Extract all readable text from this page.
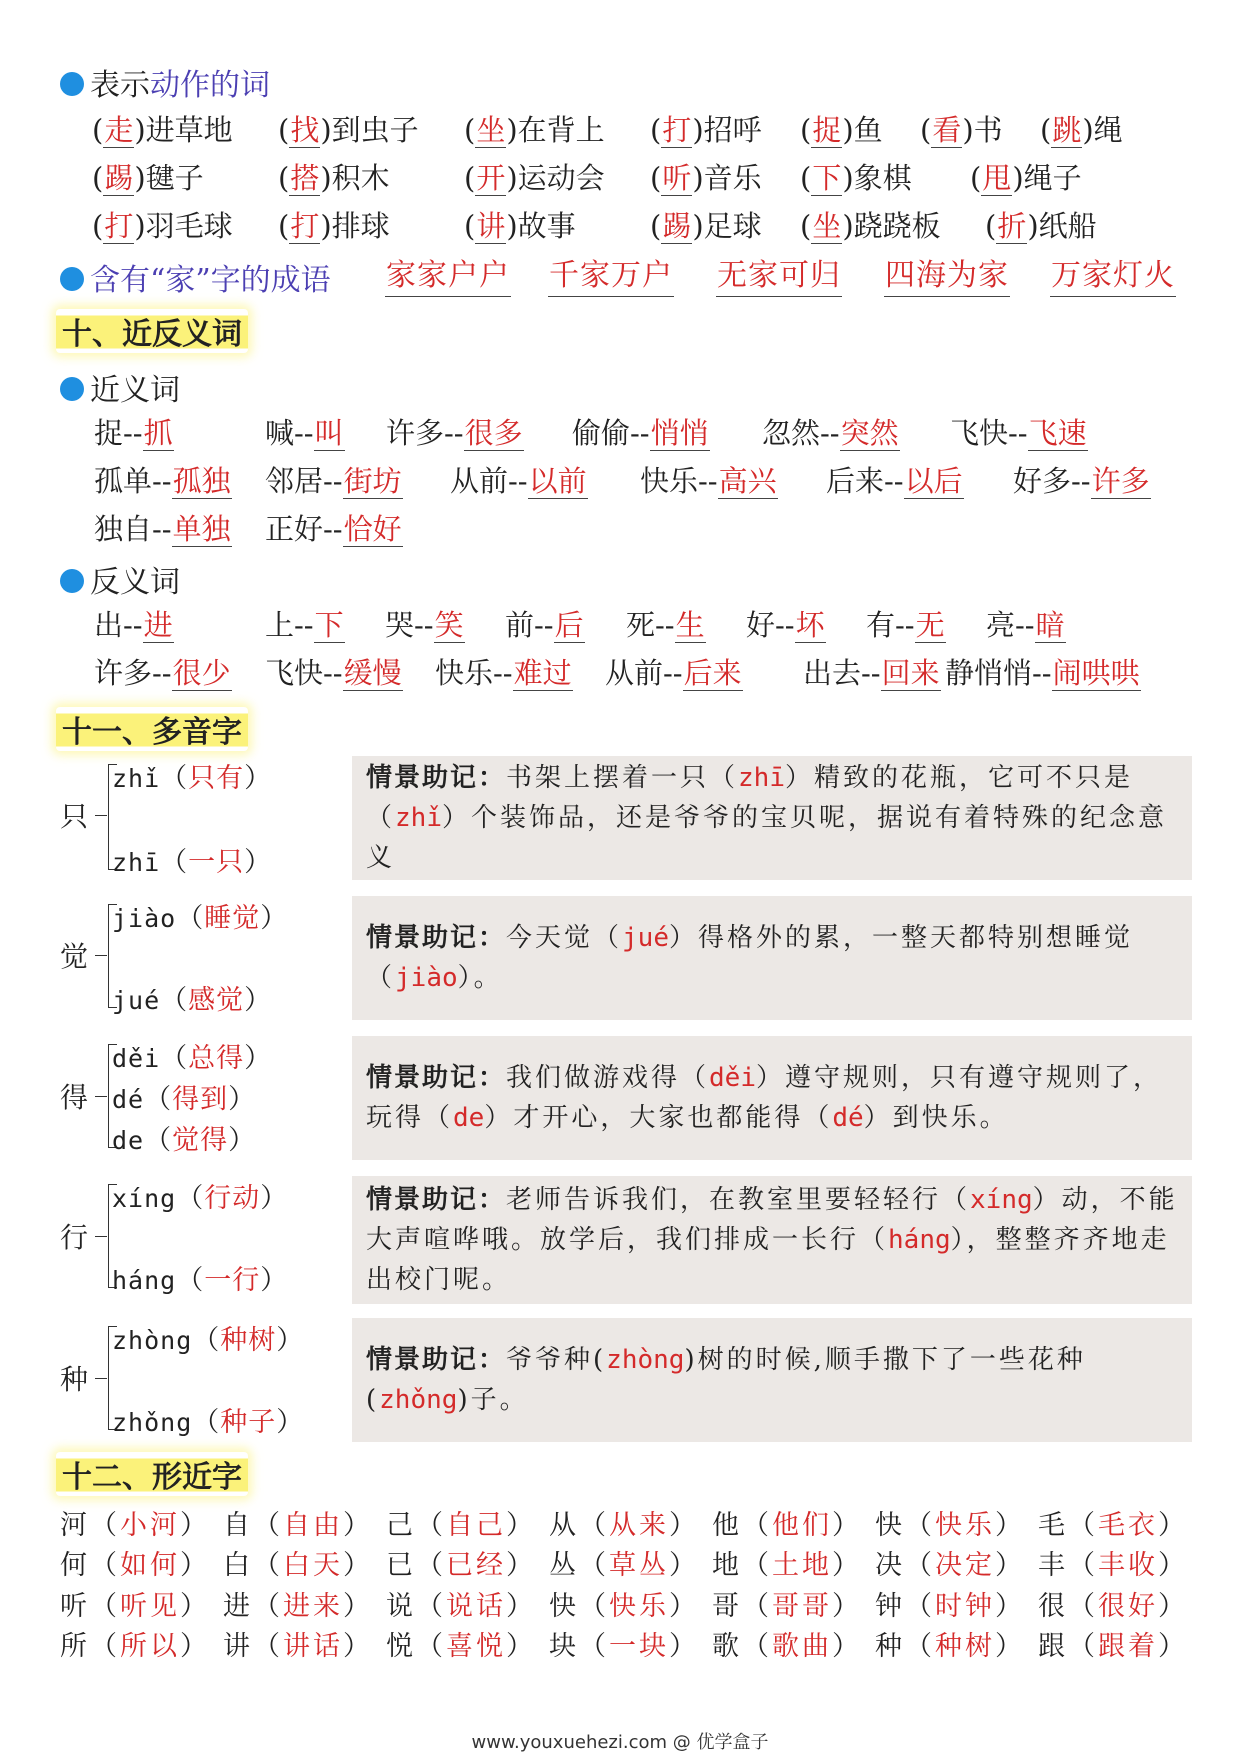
表示动作的词
(走)进草地 (找)到虫子 (坐)在背上 (打)招呼 (捉)鱼 (看)书 (跳)绳
(踢)毽子	(搭)积木	(开)运动会 (听)音乐 (下)象棋 (甩)绳子
(打)羽毛球 (打)排球	(讲)故事	(踢)足球 (坐)跷跷板 (折)纸船
含有“家”字的成语 家家户户 千家万户 无家可归 四海为家 万家灯火
十、近反义词
近义词
捉--抓	喊--叫 许多--很多 偷偷--悄悄 忽然--突然 飞快--飞速
孤单--孤独 邻居--街坊 从前--以前 快乐--高兴 后来--以后 好多--许多
独自--单独 正好--恰好
反义词
出--进	上--下 哭--笑 前--后 死--生 好--坏 有--无 亮--暗
许多--很少 飞快--缓慢 快乐--难过 从前--后来 出去--回来 静悄悄--闹哄哄
十一、多音字
只
zhǐ（只有）
zhī（一只）
情景助记：书架上摆着一只（zhī）精致的花瓶，它可不只是（zhǐ）个装饰品，还是爷爷的宝贝呢，据说有着特殊的纪念意义
觉
jiào（睡觉）
jué（感觉）
情景助记：今天觉（jué）得格外的累，一整天都特别想睡觉（jiào）。
得
děi（总得）
dé（得到）
de（觉得）
情景助记：我们做游戏得（děi）遵守规则，只有遵守规则了，玩得（de）才开心，大家也都能得（dé）到快乐。
行
xíng（行动）
háng（一行）
情景助记：老师告诉我们，在教室里要轻轻行（xíng）动，不能大声喧哗哦。放学后，我们排成一长行（háng），整整齐齐地走出校门呢。
种
zhòng（种树）
zhǒng（种子）
情景助记：爷爷种(zhòng)树的时候,顺手撒下了一些花种(zhǒng)子。
十二、形近字
河（小河） 自（自由） 己（自己） 从（从来） 他（他们） 快（快乐） 毛（毛衣）
何（如何） 白（白天） 已（已经） 丛（草丛） 地（土地） 决（决定） 丰（丰收）
听（听见） 进（进来） 说（说话） 快（快乐） 哥（哥哥） 钟（时钟） 很（很好）
所（所以） 讲（讲话） 悦（喜悦） 块（一块） 歌（歌曲） 种（种树） 跟（跟着）
www.youxuehezi.com @ 优学盒子
